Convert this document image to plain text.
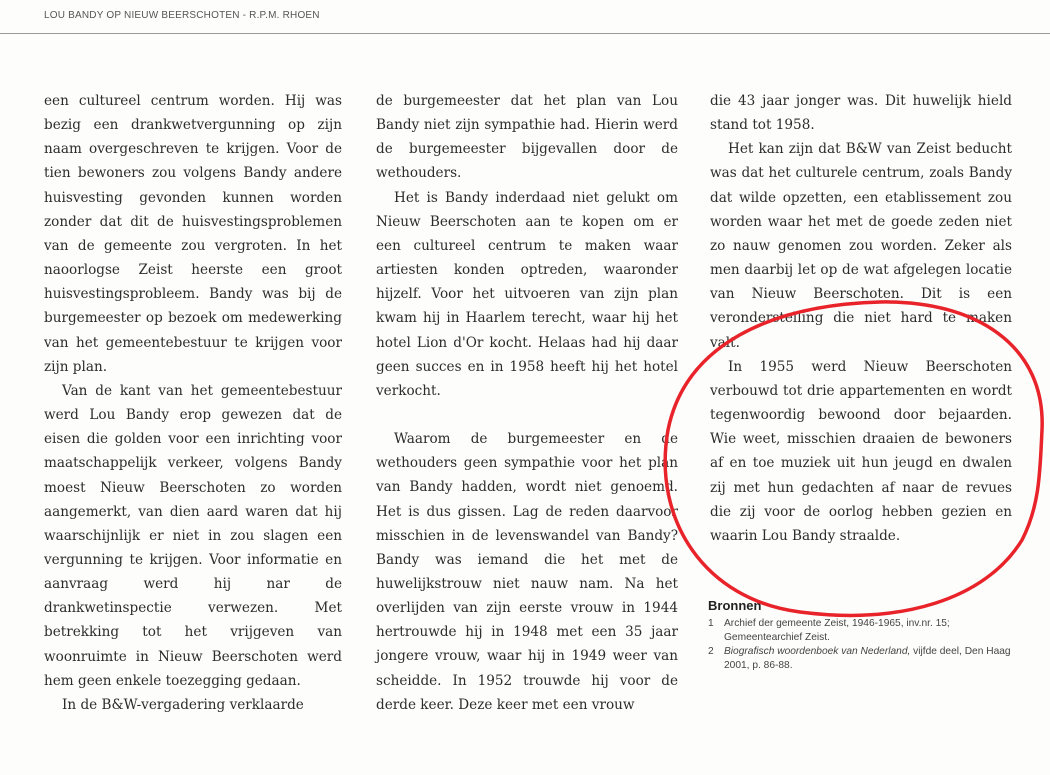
LOU BANDY OP NIEUW BEERSCHOTEN - R.P.M. RHOEN

een cultureel centrum worden. Hij was bezig een drankwetvergunning op zijn naam overgeschreven te krijgen. Voor de tien bewoners zou volgens Bandy andere huisvesting gevonden kunnen worden zonder dat dit de huisvestingsproblemen van de gemeente zou vergroten. In het naoorlogse Zeist heerste een groot huisvestingsprobleem. Bandy was bij de burgemeester op bezoek om medewerking van het gemeentebestuur te krijgen voor zijn plan.

Van de kant van het gemeentebestuur werd Lou Bandy erop gewezen dat de eisen die golden voor een inrichting voor maatschappelijk verkeer, volgens Bandy moest Nieuw Beerschoten zo worden aangemerkt, van dien aard waren dat hij waarschijnlijk er niet in zou slagen een vergunning te krijgen. Voor informatie en aanvraag werd hij nar de drankwetinspectie verwezen. Met betrekking tot het vrijgeven van woonruimte in Nieuw Beerschoten werd hem geen enkele toezegging gedaan.

In de B&W-vergadering verklaarde

de burgemeester dat het plan van Lou Bandy niet zijn sympathie had. Hierin werd de burgemeester bijgevallen door de wethouders.

Het is Bandy inderdaad niet gelukt om Nieuw Beerschoten aan te kopen om er een cultureel centrum te maken waar artiesten konden optreden, waaronder hijzelf. Voor het uitvoeren van zijn plan kwam hij in Haarlem terecht, waar hij het hotel Lion d'Or kocht. Helaas had hij daar geen succes en in 1958 heeft hij het hotel verkocht.

Waarom de burgemeester en de wethouders geen sympathie voor het plan van Bandy hadden, wordt niet genoemd. Het is dus gissen. Lag de reden daarvoor misschien in de levenswandel van Bandy? Bandy was iemand die het met de huwelijkstrouw niet nauw nam. Na het overlijden van zijn eerste vrouw in 1944 hertrouwde hij in 1948 met een 35 jaar jongere vrouw, waar hij in 1949 weer van scheidde. In 1952 trouwde hij voor de derde keer. Deze keer met een vrouw

die 43 jaar jonger was. Dit huwelijk hield stand tot 1958.

Het kan zijn dat B&W van Zeist beducht was dat het culturele centrum, zoals Bandy dat wilde opzetten, een etablissement zou worden waar het met de goede zeden niet zo nauw genomen zou worden. Zeker als men daarbij let op de wat afgelegen locatie van Nieuw Beerschoten. Dit is een veronderstelling die niet hard te maken valt.

In 1955 werd Nieuw Beerschoten verbouwd tot drie appartementen en wordt tegenwoordig bewoond door bejaarden. Wie weet, misschien draaien de bewoners af en toe muziek uit hun jeugd en dwalen zij met hun gedachten af naar de revues die zij voor de oorlog hebben gezien en waarin Lou Bandy straalde.

Bronnen
1 Archief der gemeente Zeist, 1946-1965, inv.nr. 15; Gemeentearchief Zeist.
2 Biografisch woordenboek van Nederland, vijfde deel, Den Haag 2001, p. 86-88.
